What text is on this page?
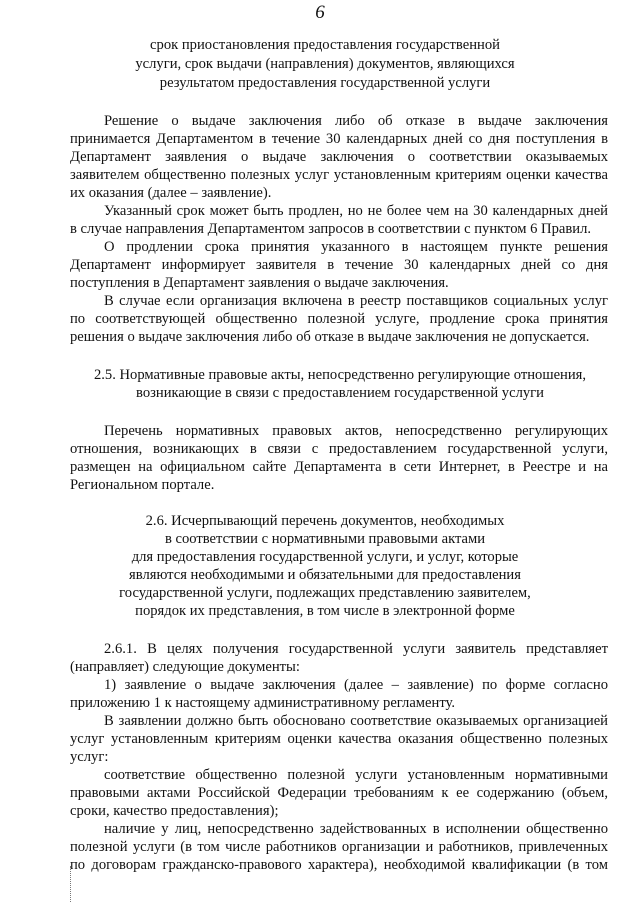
6
срок приостановления предоставления государственной
услуги, срок выдачи (направления) документов, являющихся
результатом предоставления государственной услуги
Решение о выдаче заключения либо об отказе в выдаче заключения
принимается Департаментом в течение 30 календарных дней со дня поступления в
Департамент заявления о выдаче заключения о соответствии оказываемых
заявителем общественно полезных услуг установленным критериям оценки качества
их оказания (далее – заявление).
Указанный срок может быть продлен, но не более чем на 30 календарных дней
в случае направления Департаментом запросов в соответствии с пунктом 6 Правил.
О продлении срока принятия указанного в настоящем пункте решения
Департамент информирует заявителя в течение 30 календарных дней со дня
поступления в Департамент заявления о выдаче заключения.
В случае если организация включена в реестр поставщиков социальных услуг
по соответствующей общественно полезной услуге, продление срока принятия
решения о выдаче заключения либо об отказе в выдаче заключения не допускается.
2.5. Нормативные правовые акты, непосредственно регулирующие отношения,
возникающие в связи с предоставлением государственной услуги
Перечень нормативных правовых актов, непосредственно регулирующих
отношения, возникающих в связи с предоставлением государственной услуги,
размещен на официальном сайте Департамента в сети Интернет, в Реестре и на
Региональном портале.
2.6. Исчерпывающий перечень документов, необходимых
в соответствии с нормативными правовыми актами
для предоставления государственной услуги, и услуг, которые
являются необходимыми и обязательными для предоставления
государственной услуги, подлежащих представлению заявителем,
порядок их представления, в том числе в электронной форме
2.6.1. В целях получения государственной услуги заявитель представляет
(направляет) следующие документы:
1) заявление о выдаче заключения (далее – заявление) по форме согласно
приложению 1 к настоящему административному регламенту.
В заявлении должно быть обосновано соответствие оказываемых организацией
услуг установленным критериям оценки качества оказания общественно полезных
услуг:
соответствие общественно полезной услуги установленным нормативными
правовыми актами Российской Федерации требованиям к ее содержанию (объем,
сроки, качество предоставления);
наличие у лиц, непосредственно задействованных в исполнении общественно
полезной услуги (в том числе работников организации и работников, привлеченных
по договорам гражданско-правового характера), необходимой квалификации (в том
